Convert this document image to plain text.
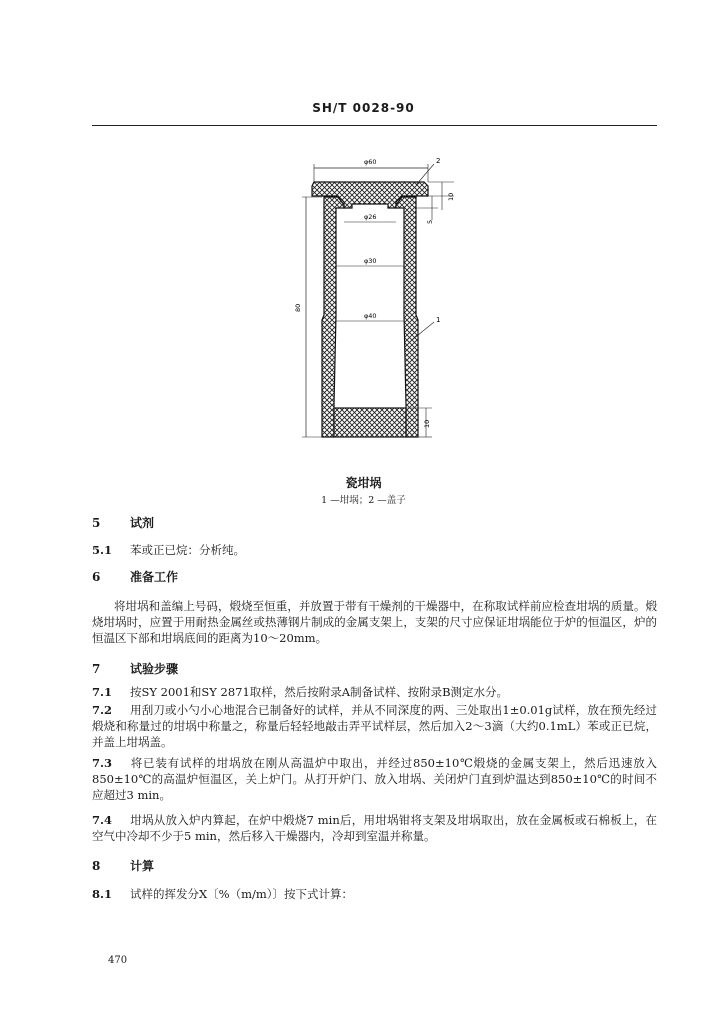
SH/T 0028-90
φ60
φ26
φ30
φ40
80
10
5
10
2
1
瓷坩埚
1 —坩埚；2 —盖子
5 试剂
5.1 苯或正已烷：分析纯。
6 准备工作
将坩埚和盖编上号码，煅烧至恒重，并放置于带有干燥剂的干燥器中，在称取试样前应检查坩埚的质量。煅烧坩埚时，应置于用耐热金属丝或热薄钢片制成的金属支架上，支架的尺寸应保证坩埚能位于炉的恒温区，炉的恒温区下部和坩埚底间的距离为10～20mm。
7 试验步骤
7.1 按SY 2001和SY 2871取样，然后按附录A制备试样、按附录B测定水分。
7.2 用刮刀或小勺小心地混合已制备好的试样，并从不同深度的两、三处取出1±0.01g试样，放在预先经过煅烧和称量过的坩埚中称量之，称量后轻轻地敲击弄平试样层，然后加入2～3滴（大约0.1mL）苯或正已烷，并盖上坩埚盖。
7.3 将已装有试样的坩埚放在刚从高温炉中取出，并经过850±10℃煅烧的金属支架上，然后迅速放入850±10℃的高温炉恒温区，关上炉门。从打开炉门、放入坩埚、关闭炉门直到炉温达到850±10℃的时间不应超过3 min。
7.4 坩埚从放入炉内算起，在炉中煅烧7 min后，用坩埚钳将支架及坩埚取出，放在金属板或石棉板上，在空气中冷却不少于5 min，然后移入干燥器内，冷却到室温并称量。
8 计算
8.1 试样的挥发分X〔%（m/m）〕按下式计算：
470
